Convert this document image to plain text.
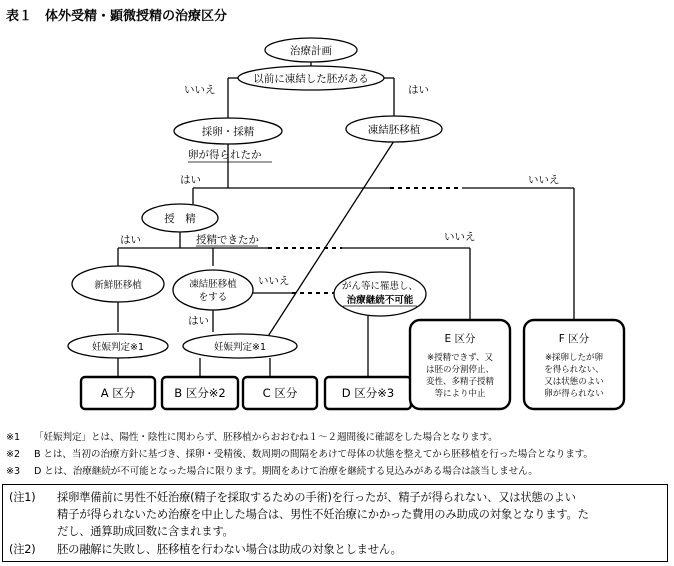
表１　体外受精・顕微授精の治療区分
治療計画
以前に凍結した胚がある
いいえ	はい
採卵・採精	凍結胚移植
卵が得られたか
はい	いいえ
授　精
はい	授精できたか	いいえ
新鮮胚移植	凍結胚移植
をする
いいえ
はい
がん等に罹患し、
治療継続不可能
妊娠判定※1	妊娠判定※1
A 区分	B 区分※2	C 区分	D 区分※3
E 区分
※授精できず、又
は胚の分割停止、
変性、多精子授精
等により中止
F 区分
※採卵したが卵
を得られない、
又は状態のよい
卵が得られない
※1 「妊娠判定」とは、陽性・陰性に関わらず、胚移植からおおむね１～２週間後に確認をした場合となります。
※2 B とは、当初の治療方針に基づき、採卵・受精後、数周期の間隔をあけて母体の状態を整えてから胚移植を行った場合となります。
※3 D とは、治療継続が不可能となった場合に限ります。期間をあけて治療を継続する見込みがある場合は該当しません。
(注1) 採卵準備前に男性不妊治療(精子を採取するための手術)を行ったが、精子が得られない、又は状態のよい
精子が得られないため治療を中止した場合は、男性不妊治療にかかった費用のみ助成の対象となります。た
だし、通算助成回数に含まれます。
(注2) 胚の融解に失敗し、胚移植を行わない場合は助成の対象としません。
